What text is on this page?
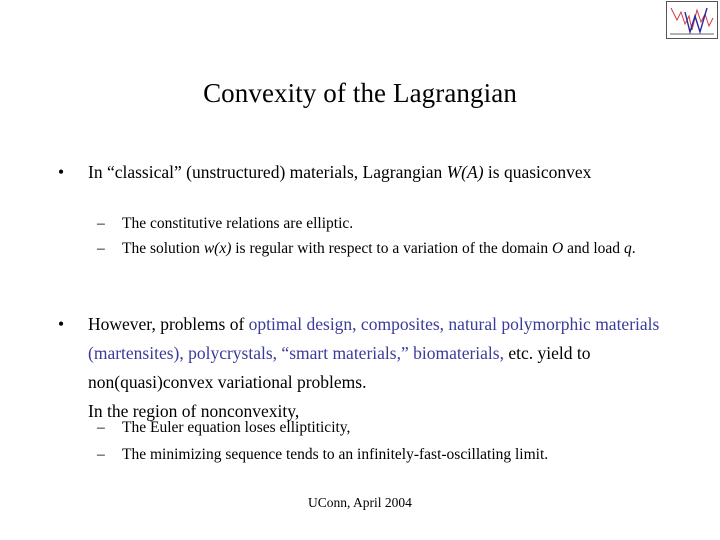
Convexity of the Lagrangian
•	In “classical” (unstructured) materials, Lagrangian W(A) is quasiconvex
– The constitutive relations are elliptic.
– The solution w(x) is regular with respect to a variation of the domain O and load q.
•	However, problems of optimal design, composites, natural polymorphic materials (martensites), polycrystals, “smart materials,” biomaterials, etc. yield to non(quasi)convex variational problems.
In the region of nonconvexity,
– The Euler equation loses elliptiticity,
– The minimizing sequence tends to an infinitely-fast-oscillating limit.
UConn, April 2004
